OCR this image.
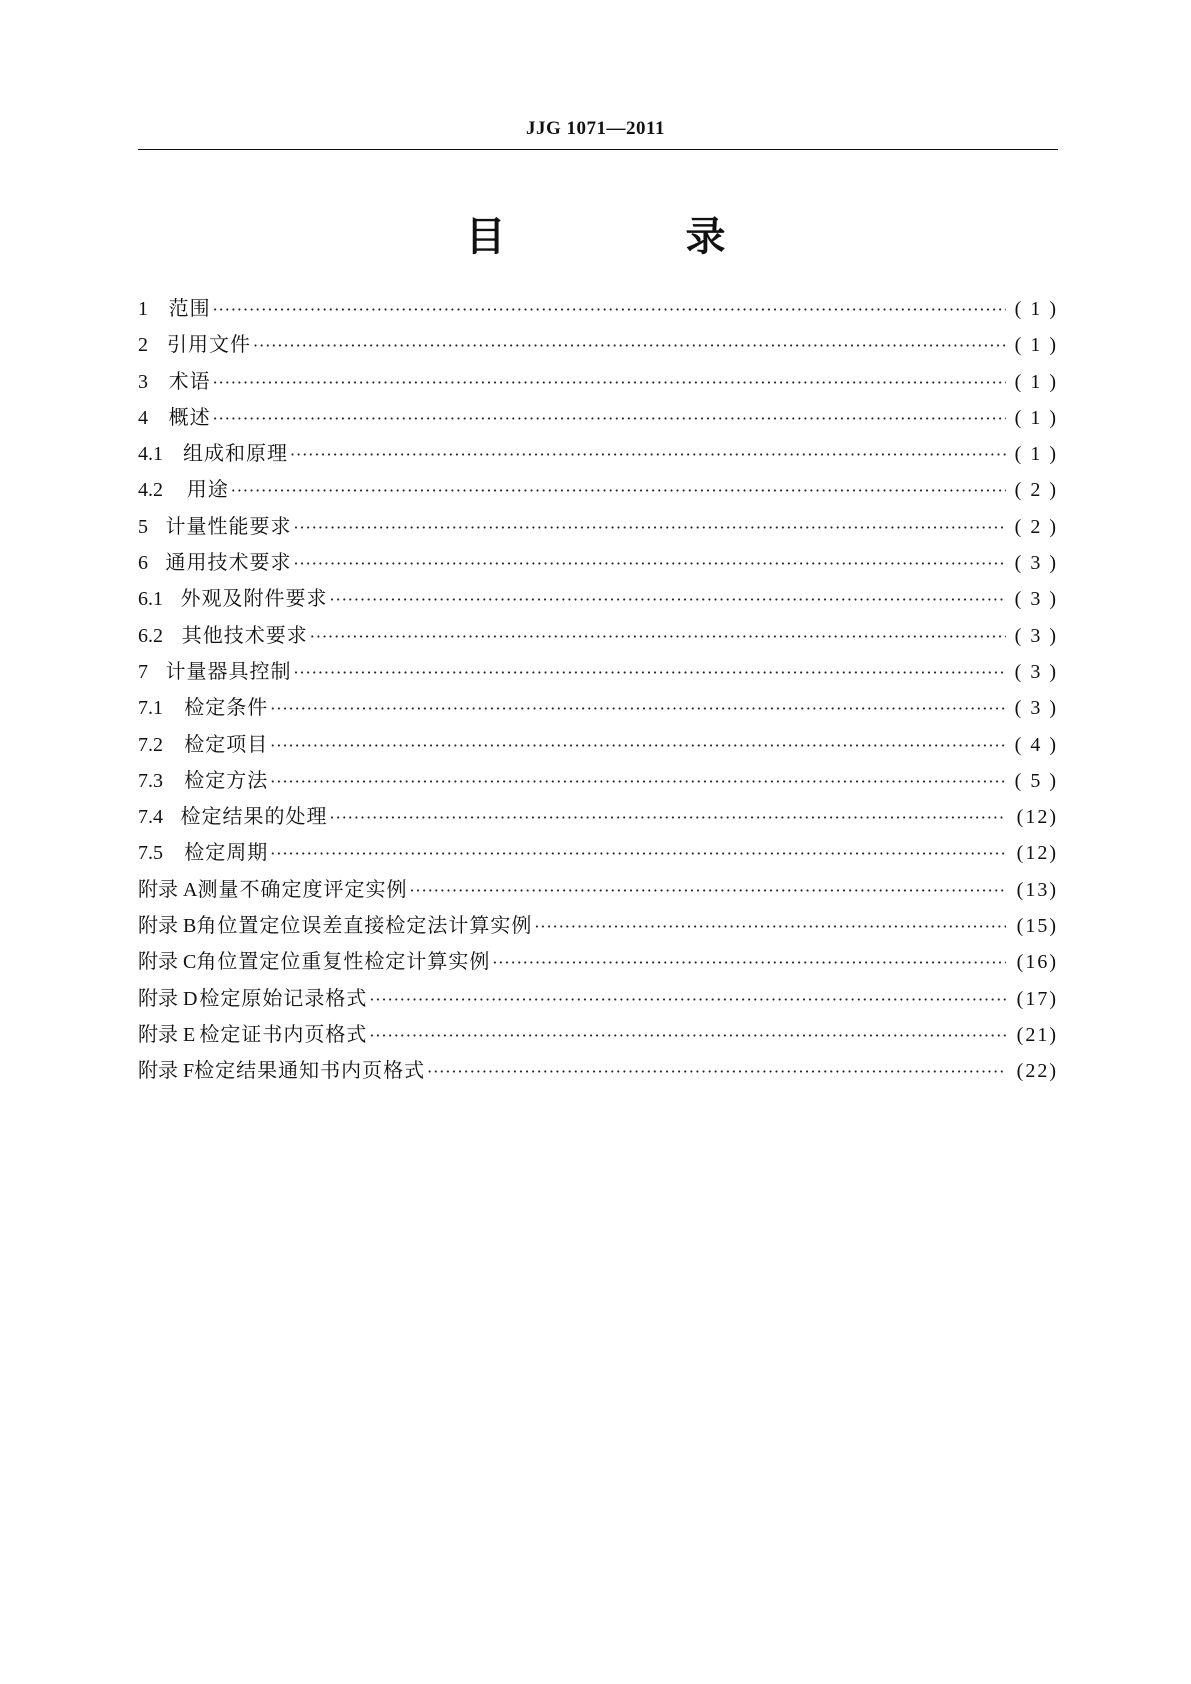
JJG 1071—2011
目　录
1	范围 ·····	( 1 )
2 引用文件 ·····	( 1 )
3	术语 ·····	( 1 )
4	概述 ·····	( 1 )
4.1	组成和原理 ·····	( 1 )
4.2	用途 ·····	( 2 )
5 计量性能要求 ·····	( 2 )
6 通用技术要求 ·····	( 3 )
6.1 外观及附件要求 ·····	( 3 )
6.2 其他技术要求 ·····	( 3 )
7 计量器具控制 ·····	( 3 )
7.1	检定条件 ·····	( 3 )
7.2	检定项目 ·····	( 4 )
7.3	检定方法 ·····	( 5 )
7.4 检定结果的处理 ·····	(12)
7.5	检定周期 ·····	(12)
附录 A 测量不确定度评定实例 ·····	(13)
附录 B 角位置定位误差直接检定法计算实例 ·····	(15)
附录 C 角位置定位重复性检定计算实例 ·····	(16)
附录 D 检定原始记录格式 ·····	(17)
附录 E 检定证书内页格式 ·····	(21)
附录 F 检定结果通知书内页格式 ·····	(22)
